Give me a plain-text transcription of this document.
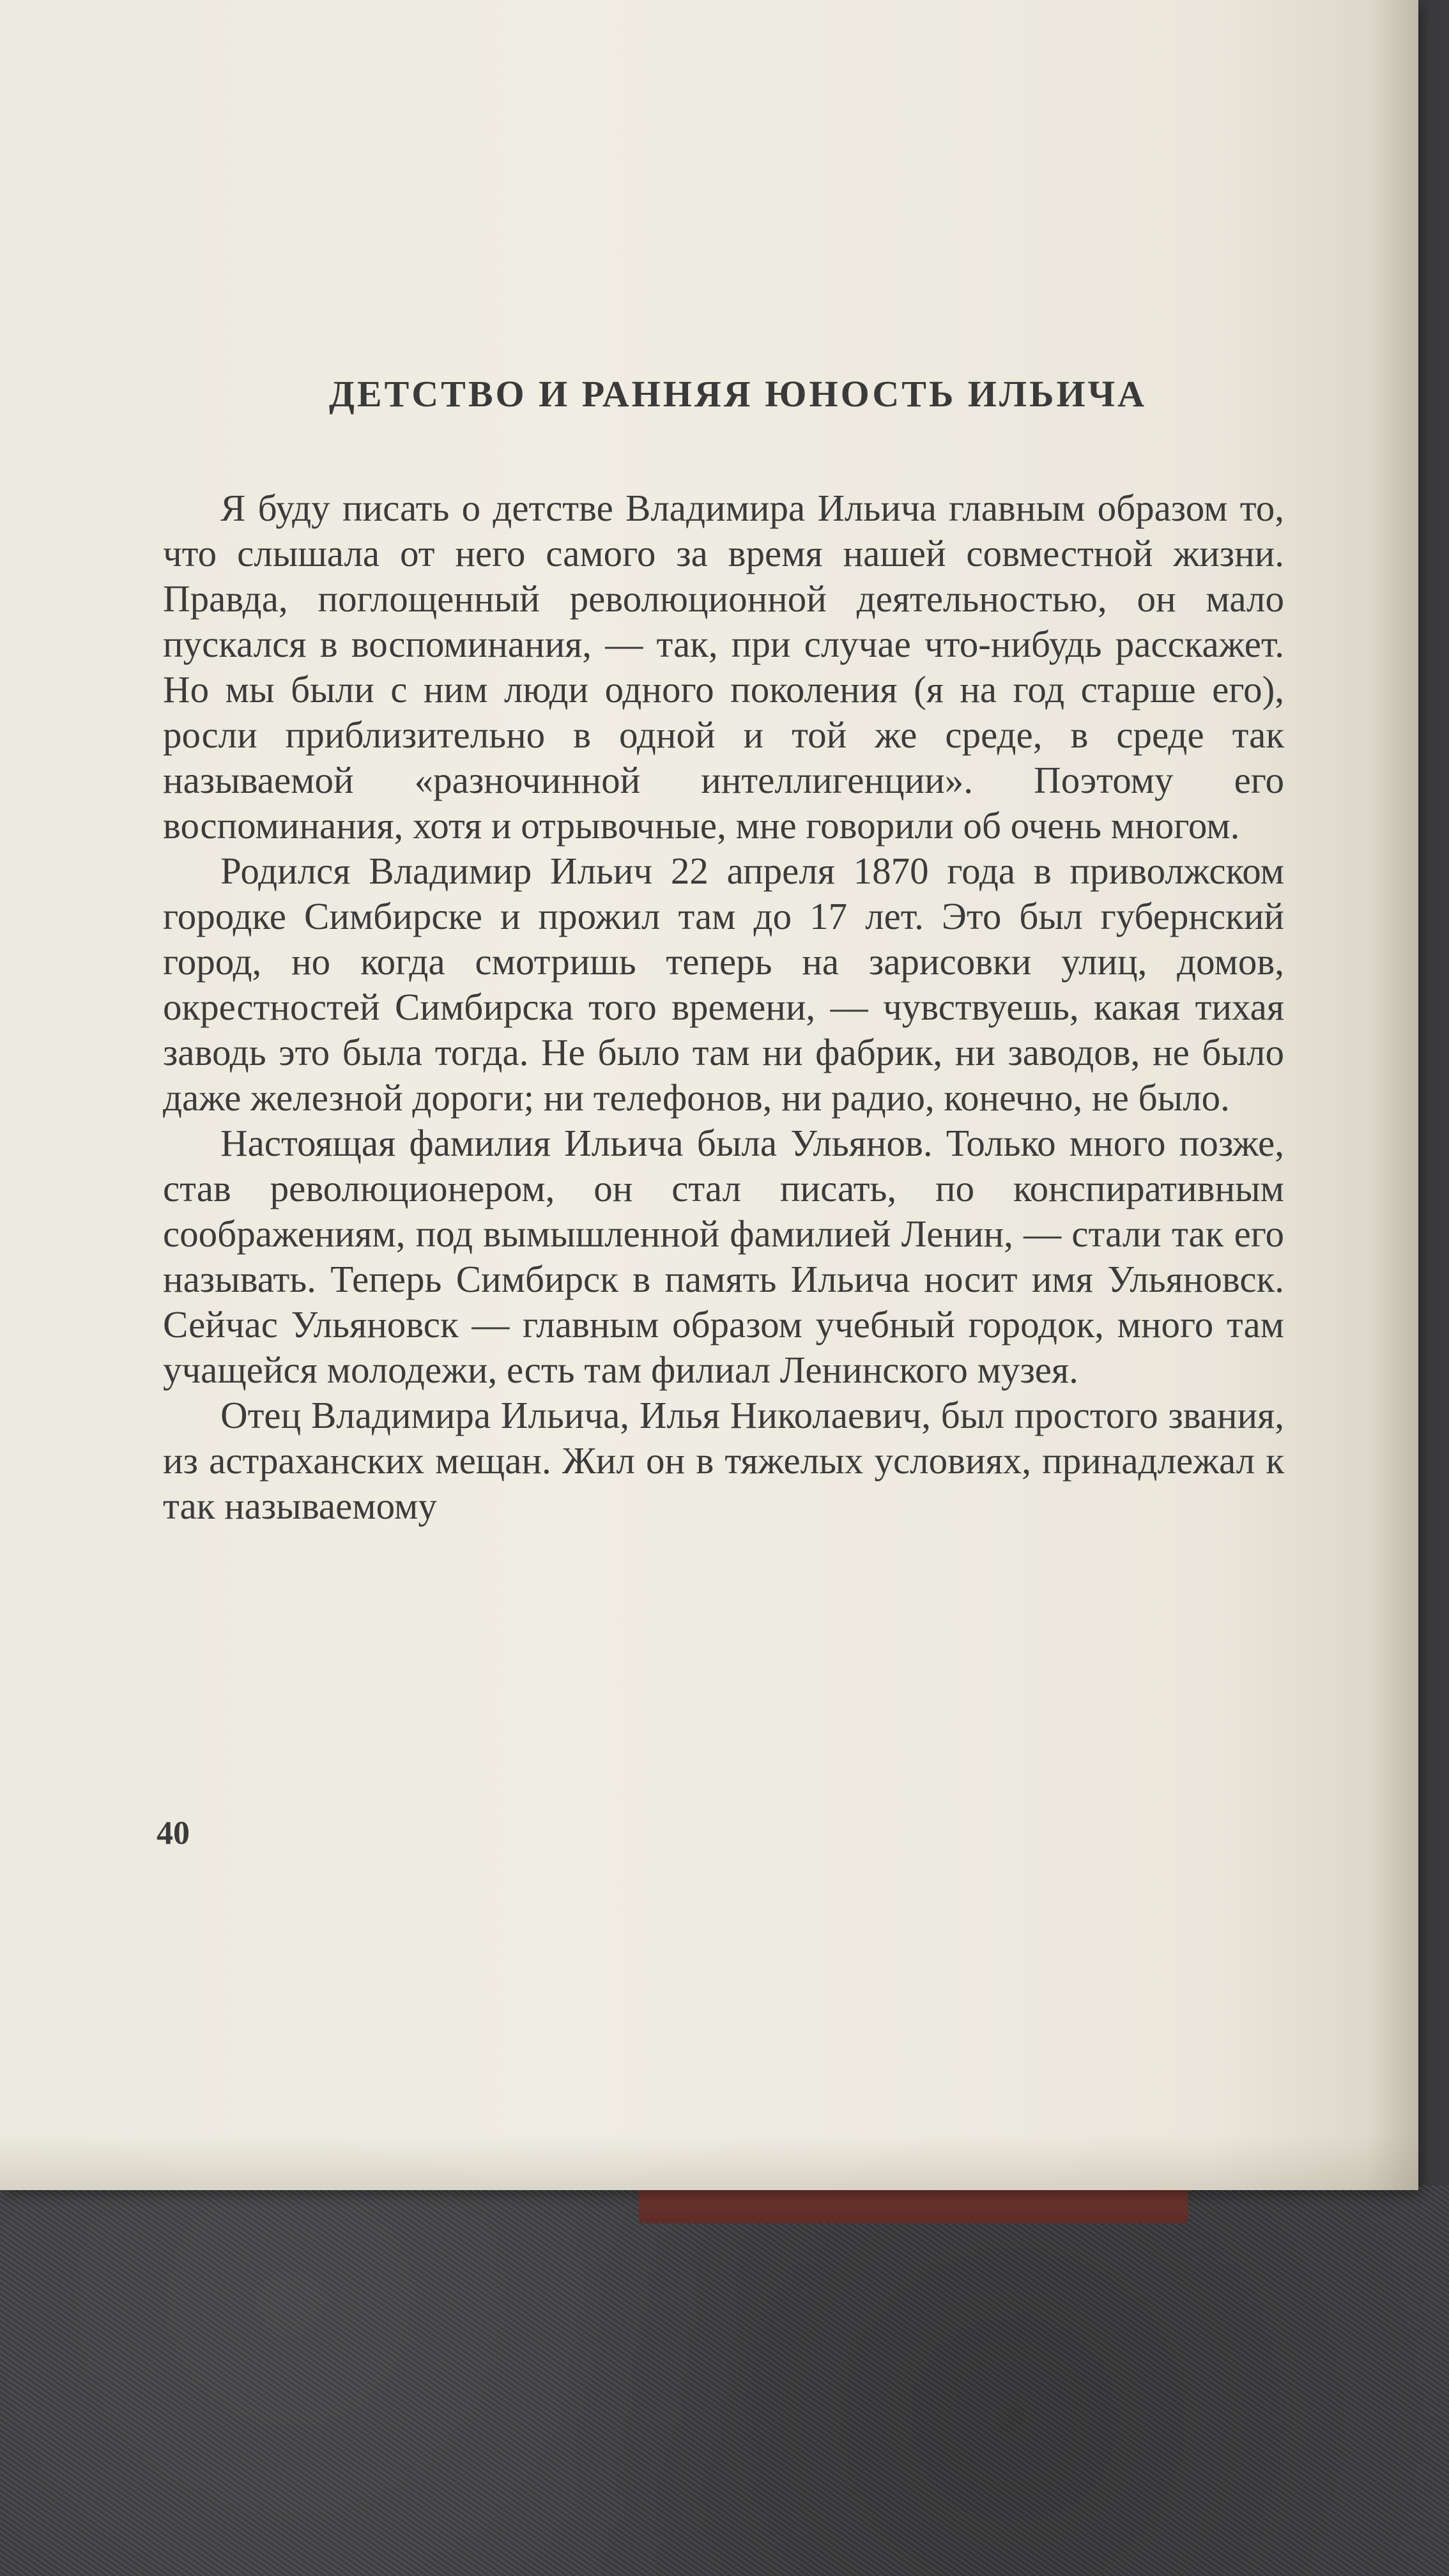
ДЕТСТВО И РАННЯЯ ЮНОСТЬ ИЛЬИЧА

Я буду писать о детстве Владимира Ильича главным образом то, что слышала от него самого за время нашей совместной жизни. Правда, поглощенный революционной деятельностью, он мало пускался в воспоминания, — так, при случае что-нибудь расскажет. Но мы были с ним люди одного поколения (я на год старше его), росли приблизительно в одной и той же среде, в среде так называемой «разночинной интеллигенции». Поэтому его воспоминания, хотя и отрывочные, мне говорили об очень многом.

Родился Владимир Ильич 22 апреля 1870 года в приволжском городке Симбирске и прожил там до 17 лет. Это был губернский город, но когда смотришь теперь на зарисовки улиц, домов, окрестностей Симбирска того времени, — чувствуешь, какая тихая заводь это была тогда. Не было там ни фабрик, ни заводов, не было даже железной дороги; ни телефонов, ни радио, конечно, не было.

Настоящая фамилия Ильича была Ульянов. Только много позже, став революционером, он стал писать, по конспиративным соображениям, под вымышленной фамилией Ленин, — стали так его называть. Теперь Симбирск в память Ильича носит имя Ульяновск. Сейчас Ульяновск — главным образом учебный городок, много там учащейся молодежи, есть там филиал Ленинского музея.

Отец Владимира Ильича, Илья Николаевич, был простого звания, из астраханских мещан. Жил он в тяжелых условиях, принадлежал к так называемому

40
